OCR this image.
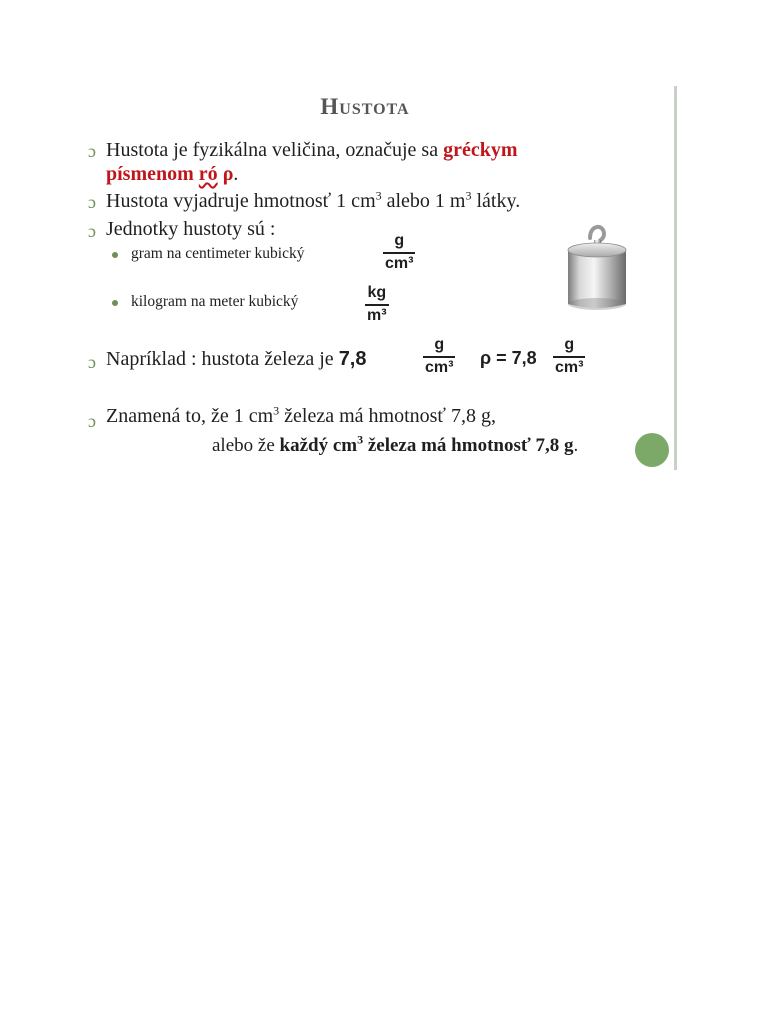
Hustota
ɔ Hustota je fyzikálna veličina, označuje sa gréckym
písmenom ró ρ.
ɔ Hustota vyjadruje hmotnosť 1 $cm^3$ alebo 1 $m^3$ látky.
ɔ Jednotky hustoty sú :
gram na centimeter kubický
g
cm³
kilogram na meter kubický
kg
m³
ɔ Napríklad : hustota železa je 7,8
g
cm³ ρ = 7,8
g
cm³
ɔ Znamená to, že 1 $cm^3$ železa má hmotnosť 7,8 g,
alebo že každý $cm^3$ železa má hmotnosť 7,8 g.
